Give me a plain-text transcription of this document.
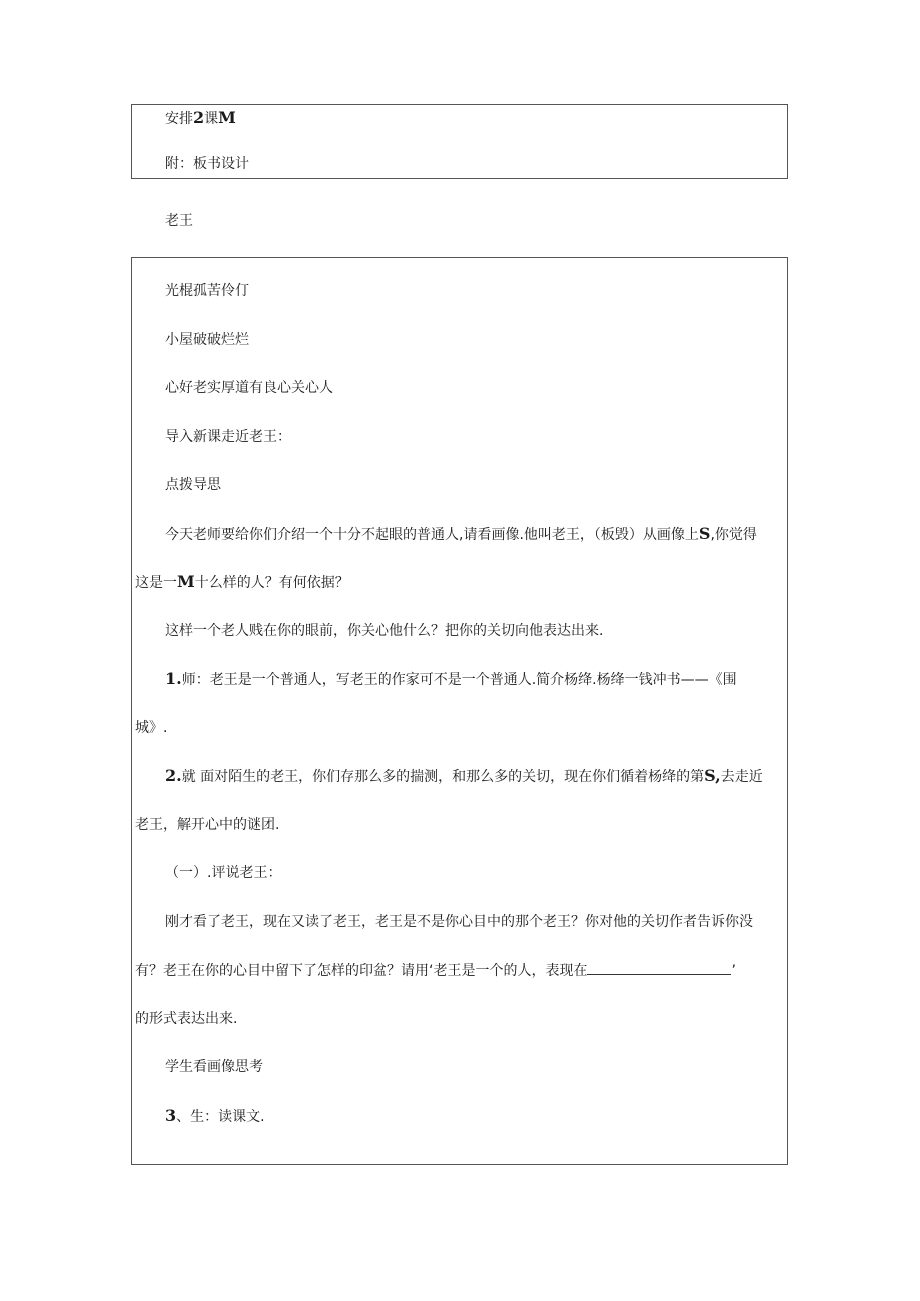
安排2课M
附：板书设计
老王
光棍孤苦伶仃
小屋破破烂烂
心好老实厚道有良心关心人
导入新课走近老王：
点拨导思
今天老师要给你们介绍一个十分不起眼的普通人,请看画像.他叫老王，（板毁）从画像上S,你觉得
这是一M十么样的人？有何依据？
这样一个老人贱在你的眼前，你关心他什么？把你的关切向他表达出来.
1.师：老王是一个普通人，写老王的作家可不是一个普通人.简介杨绛.杨绛一钱冲书——《围
城》.
2.就 面对陌生的老王，你们存那么多的揣测，和那么多的关切，现在你们循着杨绛的第S,去走近
老王，解开心中的谜团.
（一）.评说老王：
刚才看了老王，现在又读了老王，老王是不是你心目中的那个老王？你对他的关切作者告诉你没
有？老王在你的心目中留下了怎样的印盆？请用‘老王是一个的人，表现在	’
的形式表达出来.
学生看画像思考
3、生：读课文.
